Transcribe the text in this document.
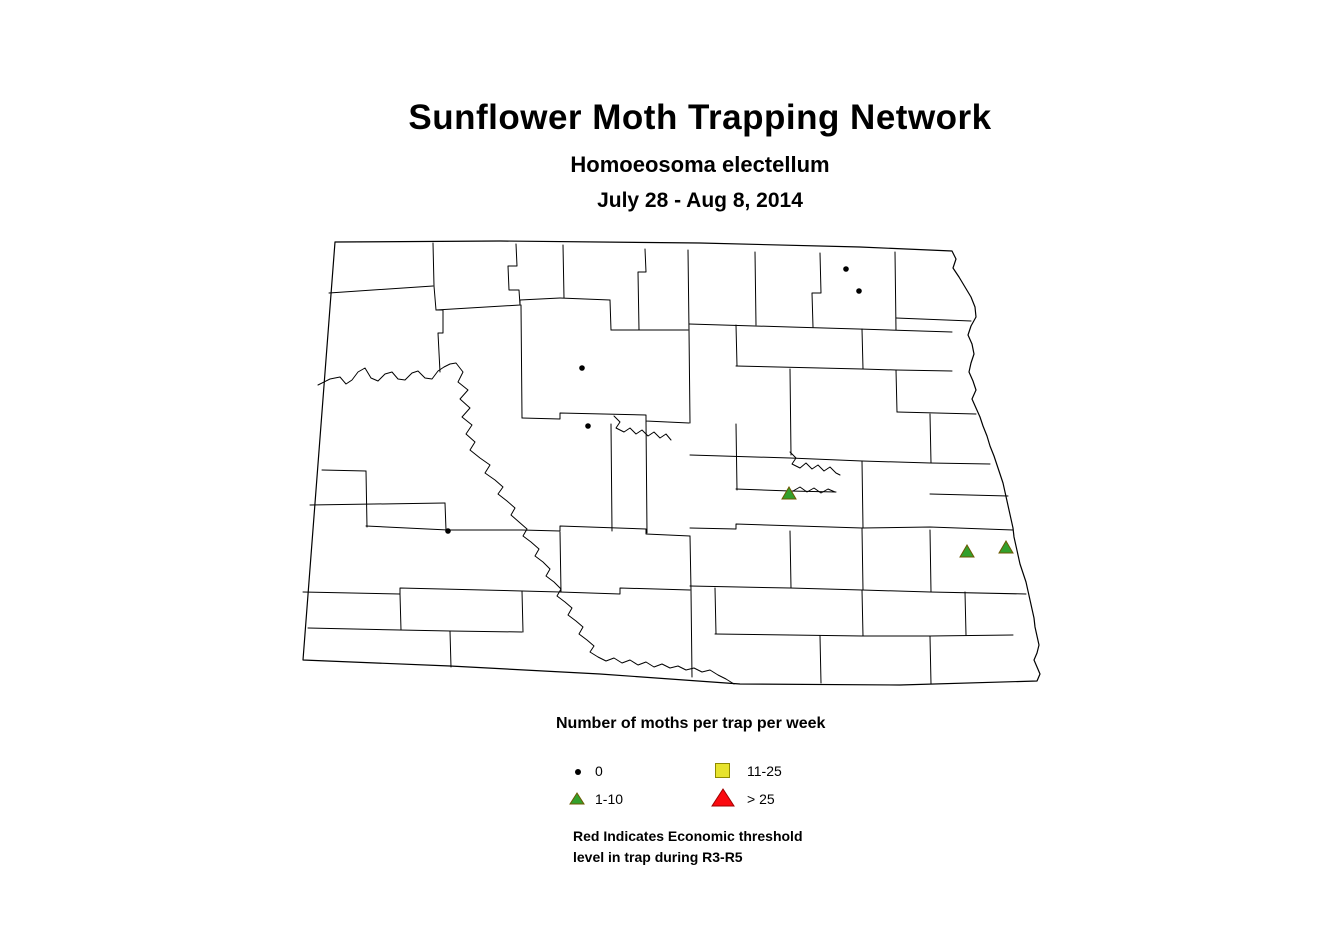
Sunflower Moth Trapping Network
Homoeosoma electellum
July 28 - Aug 8, 2014
Number of moths per trap per week
0
1-10
11-25
> 25
Red Indicates Economic threshold
level in trap during R3-R5
